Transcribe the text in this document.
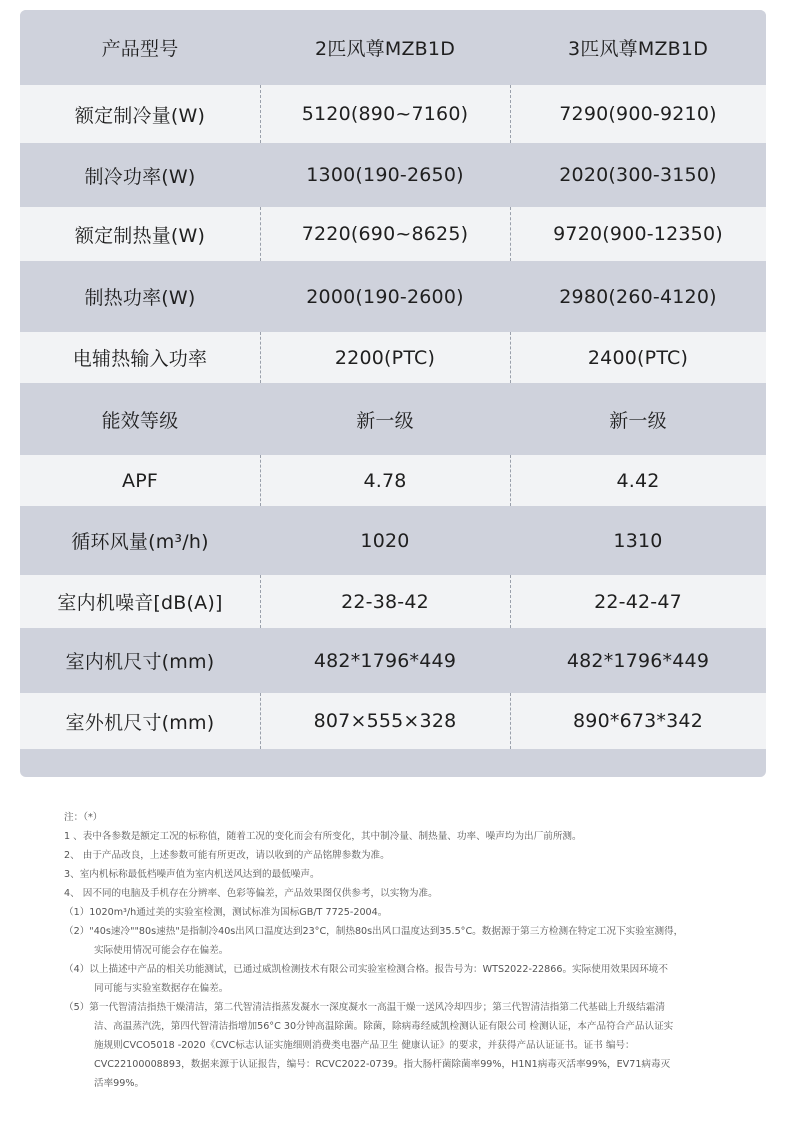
产品型号	2匹风尊MZB1D	3匹风尊MZB1D
额定制冷量(W)	5120(890~7160)	7290(900-9210)
制冷功率(W)	1300(190-2650)	2020(300-3150)
额定制热量(W)	7220(690~8625)	9720(900-12350)
制热功率(W)	2000(190-2600)	2980(260-4120)
电辅热输入功率	2200(PTC)	2400(PTC)
能效等级	新一级	新一级
APF	4.78	4.42
循环风量(m³/h)	1020	1310
室内机噪音[dB(A)]	22-38-42	22-42-47
室内机尺寸(mm)	482*1796*449	482*1796*449
室外机尺寸(mm)	807×555×328	890*673*342
注：（*）
1 、表中各参数是额定工况的标称值，随着工况的变化而会有所变化，其中制冷量、制热量、功率、噪声均为出厂前所测。
2、 由于产品改良，上述参数可能有所更改，请以收到的产品铭牌参数为准。
3、室内机标称最低档噪声值为室内机送风达到的最低噪声。
4、 因不同的电脑及手机存在分辨率、色彩等偏差，产品效果图仅供参考，以实物为准。
（1）1020m³/h通过美的实验室检测，测试标准为国标GB/T 7725-2004。
（2）"40s速冷""80s速热"是指制冷40s出风口温度达到23°C，制热80s出风口温度达到35.5°C。数据源于第三方检测在特定工况下实验室测得，
实际使用情况可能会存在偏差。
（4）以上描述中产品的相关功能测试，已通过威凯检测技术有限公司实验室检测合格。报告号为：WTS2022-22866。实际使用效果因环境不
同可能与实验室数据存在偏差。
（5）第一代智清洁指热干燥清洁，第二代智清洁指蒸发凝水一深度凝水一高温干燥一送风冷却四步；第三代智清洁指第二代基础上升级结霜清
洁、高温蒸汽洗，第四代智清洁指增加56°C 30分钟高温除菌。除菌，除病毒经威凯检测认证有限公司 检测认证，本产品符合产品认证实
施规则CVCO5018 -2020《CVC标志认证实施细则消费类电器产品卫生 健康认证》的要求，并获得产品认证证书。证书 编号：
CVC22100008893，数据来源于认证报告，编号：RCVC2022-0739。指大肠杆菌除菌率99%，H1N1病毒灭活率99%，EV71病毒灭
活率99%。
